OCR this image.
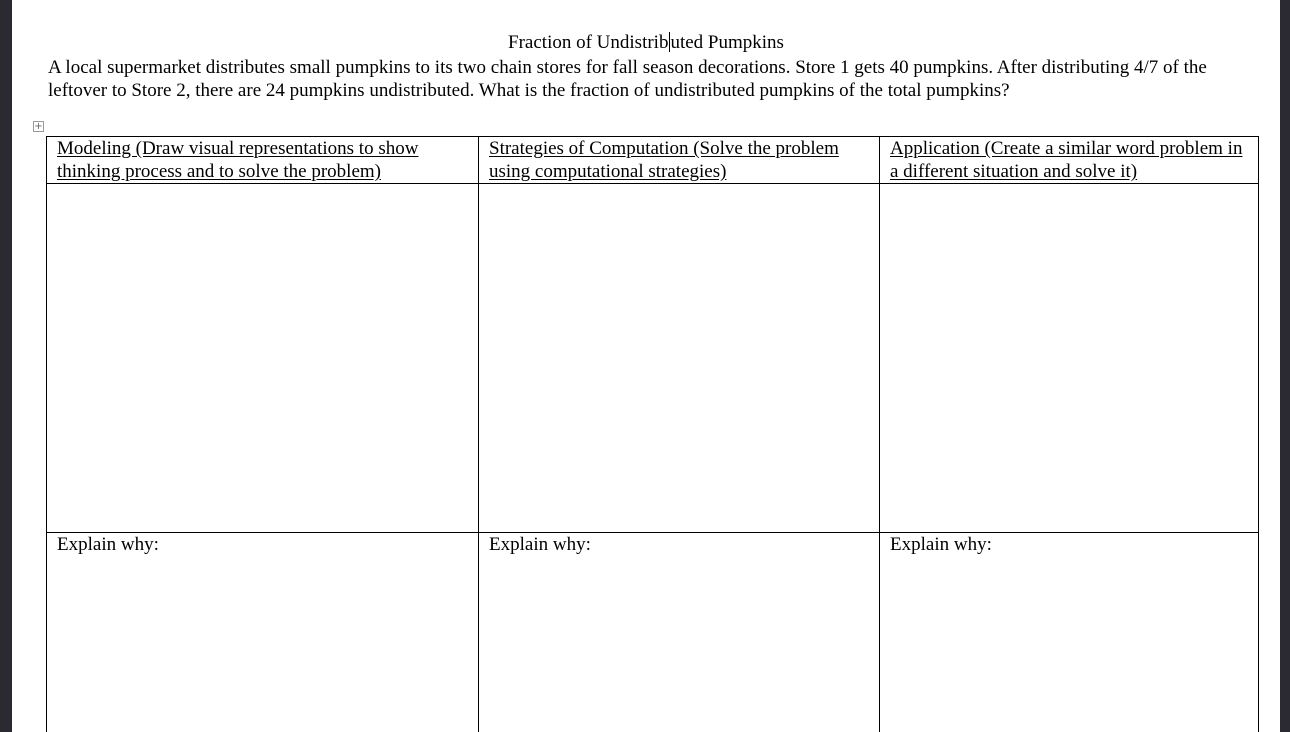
Fraction of Undistrib uted Pumpkins

A local supermarket distributes small pumpkins to its two chain stores for fall season decorations. Store 1 gets 40 pumpkins. After distributing 4/7 of the leftover to Store 2, there are 24 pumpkins undistributed. What is the fraction of undistributed pumpkins of the total pumpkins?

+
Modeling (Draw visual representations to show thinking process and to solve the problem)	Strategies of Computation (Solve the problem using computational strategies)	Application (Create a similar word problem in a different situation and solve it)

Explain why:	Explain why:	Explain why:
